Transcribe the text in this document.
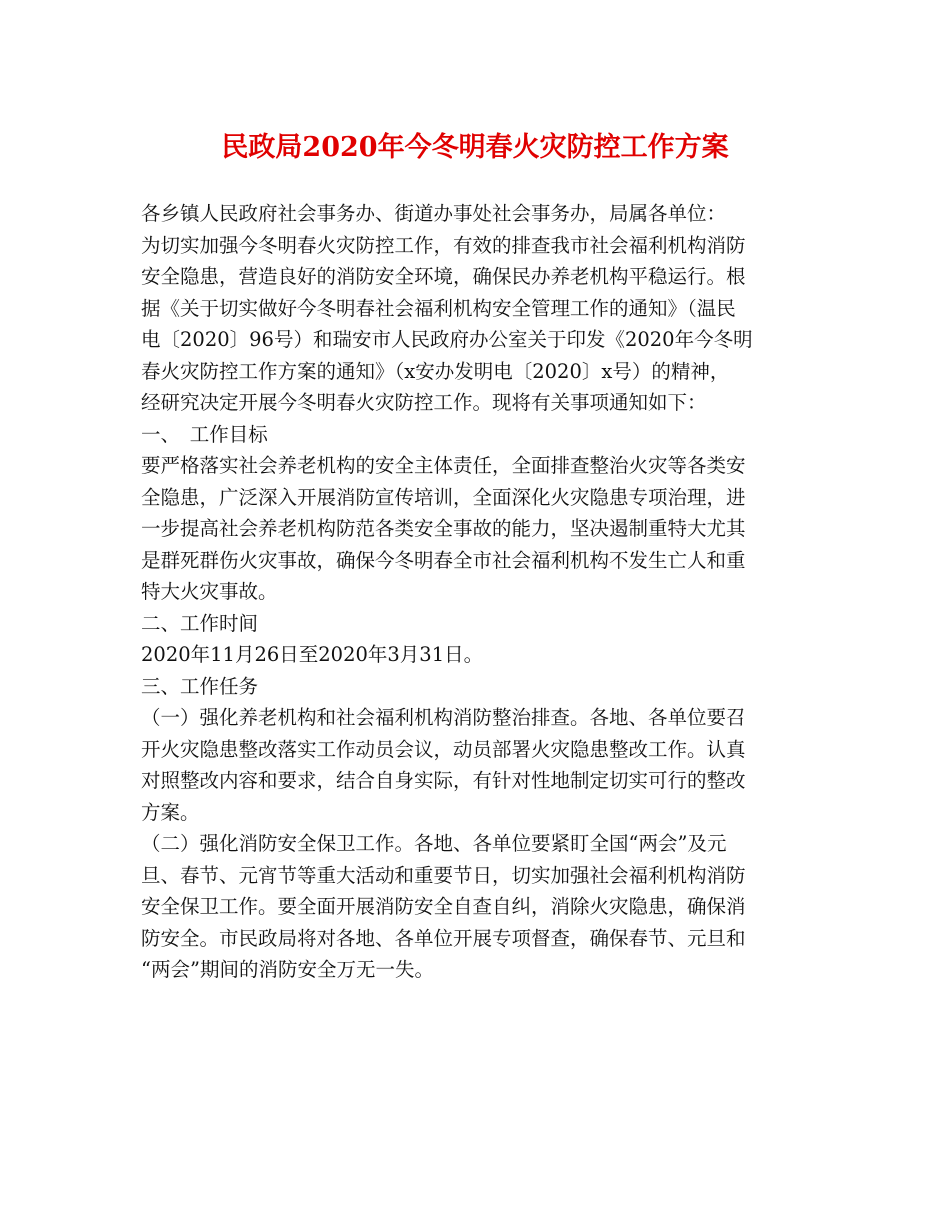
民政局2020年今冬明春火灾防控工作方案
各乡镇人民政府社会事务办、街道办事处社会事务办，局属各单位：
为切实加强今冬明春火灾防控工作，有效的排查我市社会福利机构消防
安全隐患，营造良好的消防安全环境，确保民办养老机构平稳运行。根
据《关于切实做好今冬明春社会福利机构安全管理工作的通知》（温民
电〔2020〕96号）和瑞安市人民政府办公室关于印发《2020年今冬明
春火灾防控工作方案的通知》（x安办发明电〔2020〕x号）的精神，
经研究决定开展今冬明春火灾防控工作。现将有关事项通知如下：
一、　工作目标
要严格落实社会养老机构的安全主体责任，全面排查整治火灾等各类安
全隐患，广泛深入开展消防宣传培训，全面深化火灾隐患专项治理，进
一步提高社会养老机构防范各类安全事故的能力，坚决遏制重特大尤其
是群死群伤火灾事故，确保今冬明春全市社会福利机构不发生亡人和重
特大火灾事故。
二、工作时间
2020年11月26日至2020年3月31日。
三、工作任务
（一）强化养老机构和社会福利机构消防整治排查。各地、各单位要召
开火灾隐患整改落实工作动员会议，动员部署火灾隐患整改工作。认真
对照整改内容和要求，结合自身实际，有针对性地制定切实可行的整改
方案。
（二）强化消防安全保卫工作。各地、各单位要紧盯全国“两会”及元
旦、春节、元宵节等重大活动和重要节日，切实加强社会福利机构消防
安全保卫工作。要全面开展消防安全自查自纠，消除火灾隐患，确保消
防安全。市民政局将对各地、各单位开展专项督查，确保春节、元旦和
“两会”期间的消防安全万无一失。
